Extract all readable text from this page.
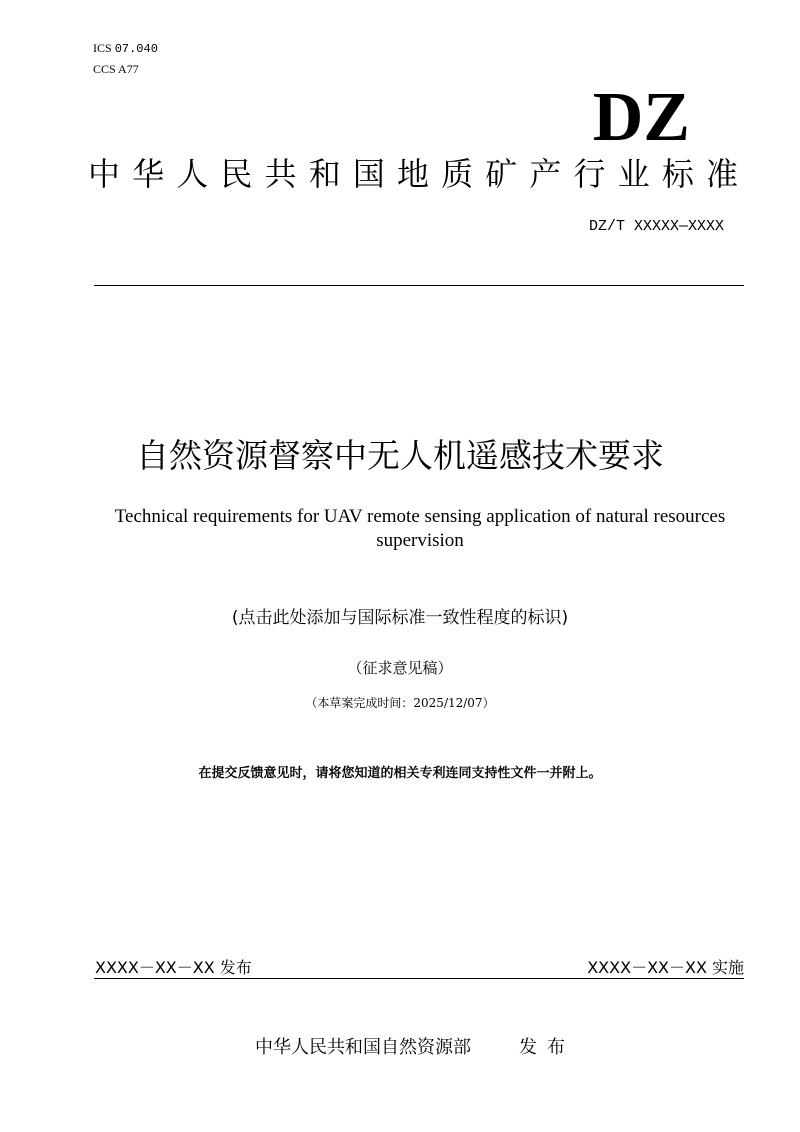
ICS 07.040
CCS A77
DZ
中 华 人 民 共 和 国 地 质 矿 产 行 业 标 准
DZ/T XXXXX—XXXX
自然资源督察中无人机遥感技术要求
Technical requirements for UAV remote sensing application of natural resources supervision
(点击此处添加与国际标准一致性程度的标识)
（征求意见稿）
（本草案完成时间：2025/12/07）
在提交反馈意见时，请将您知道的相关专利连同支持性文件一并附上。
XXXX－XX－XX 发布	XXXX－XX－XX 实施
中华人民共和国自然资源部	发布
